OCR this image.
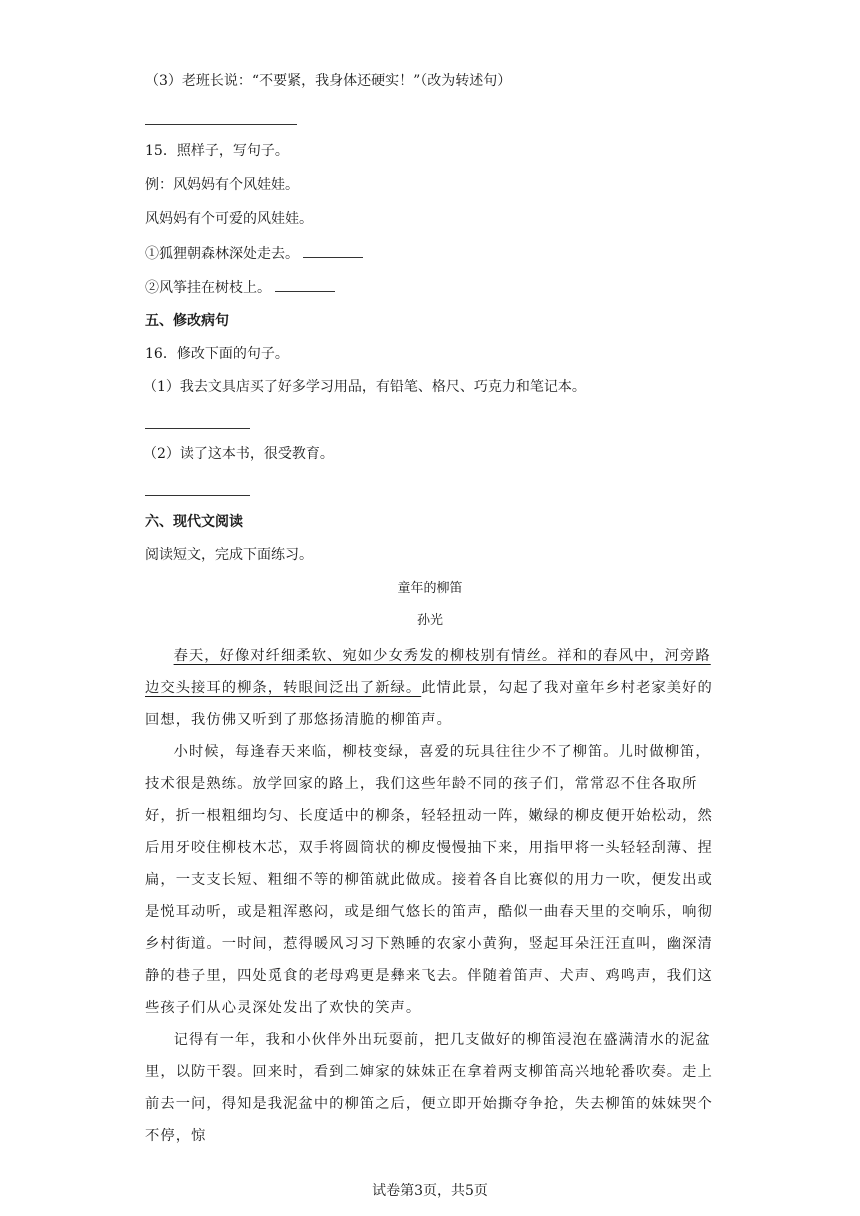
（3）老班长说：“不要紧，我身体还硬实！”（改为转述句）
15．照样子，写句子。
例：风妈妈有个风娃娃。
风妈妈有个可爱的风娃娃。
①狐狸朝森林深处走去。
②风筝挂在树枝上。
五、修改病句
16．修改下面的句子。
（1）我去文具店买了好多学习用品，有铅笔、格尺、巧克力和笔记本。
（2）读了这本书，很受教育。
六、现代文阅读
阅读短文，完成下面练习。
童年的柳笛
孙光

春天，好像对纤细柔软、宛如少女秀发的柳枝别有情丝。祥和的春风中，河旁路边交头接耳的柳条，转眼间泛出了新绿。此情此景，勾起了我对童年乡村老家美好的回想，我仿佛又听到了那悠扬清脆的柳笛声。

小时候，每逢春天来临，柳枝变绿，喜爱的玩具往往少不了柳笛。儿时做柳笛，技术很是熟练。放学回家的路上，我们这些年龄不同的孩子们，常常忍不住各取所好，折一根粗细均匀、长度适中的柳条，轻轻扭动一阵，嫩绿的柳皮便开始松动，然后用牙咬住柳枝木芯，双手将圆筒状的柳皮慢慢抽下来，用指甲将一头轻轻刮薄、捏扁，一支支长短、粗细不等的柳笛就此做成。接着各自比赛似的用力一吹，便发出或是悦耳动听，或是粗浑憨闷，或是细气悠长的笛声，酷似一曲春天里的交响乐，响彻乡村街道。一时间，惹得暖风习习下熟睡的农家小黄狗，竖起耳朵汪汪直叫，幽深清静的巷子里，四处觅食的老母鸡更是彝来飞去。伴随着笛声、犬声、鸡鸣声，我们这些孩子们从心灵深处发出了欢快的笑声。

记得有一年，我和小伙伴外出玩耍前，把几支做好的柳笛浸泡在盛满清水的泥盆里，以防干裂。回来时，看到二婶家的妹妹正在拿着两支柳笛高兴地轮番吹奏。走上前去一问，得知是我泥盆中的柳笛之后，便立即开始撕夺争抢，失去柳笛的妹妹哭个不停，惊

试卷第3页，共5页
